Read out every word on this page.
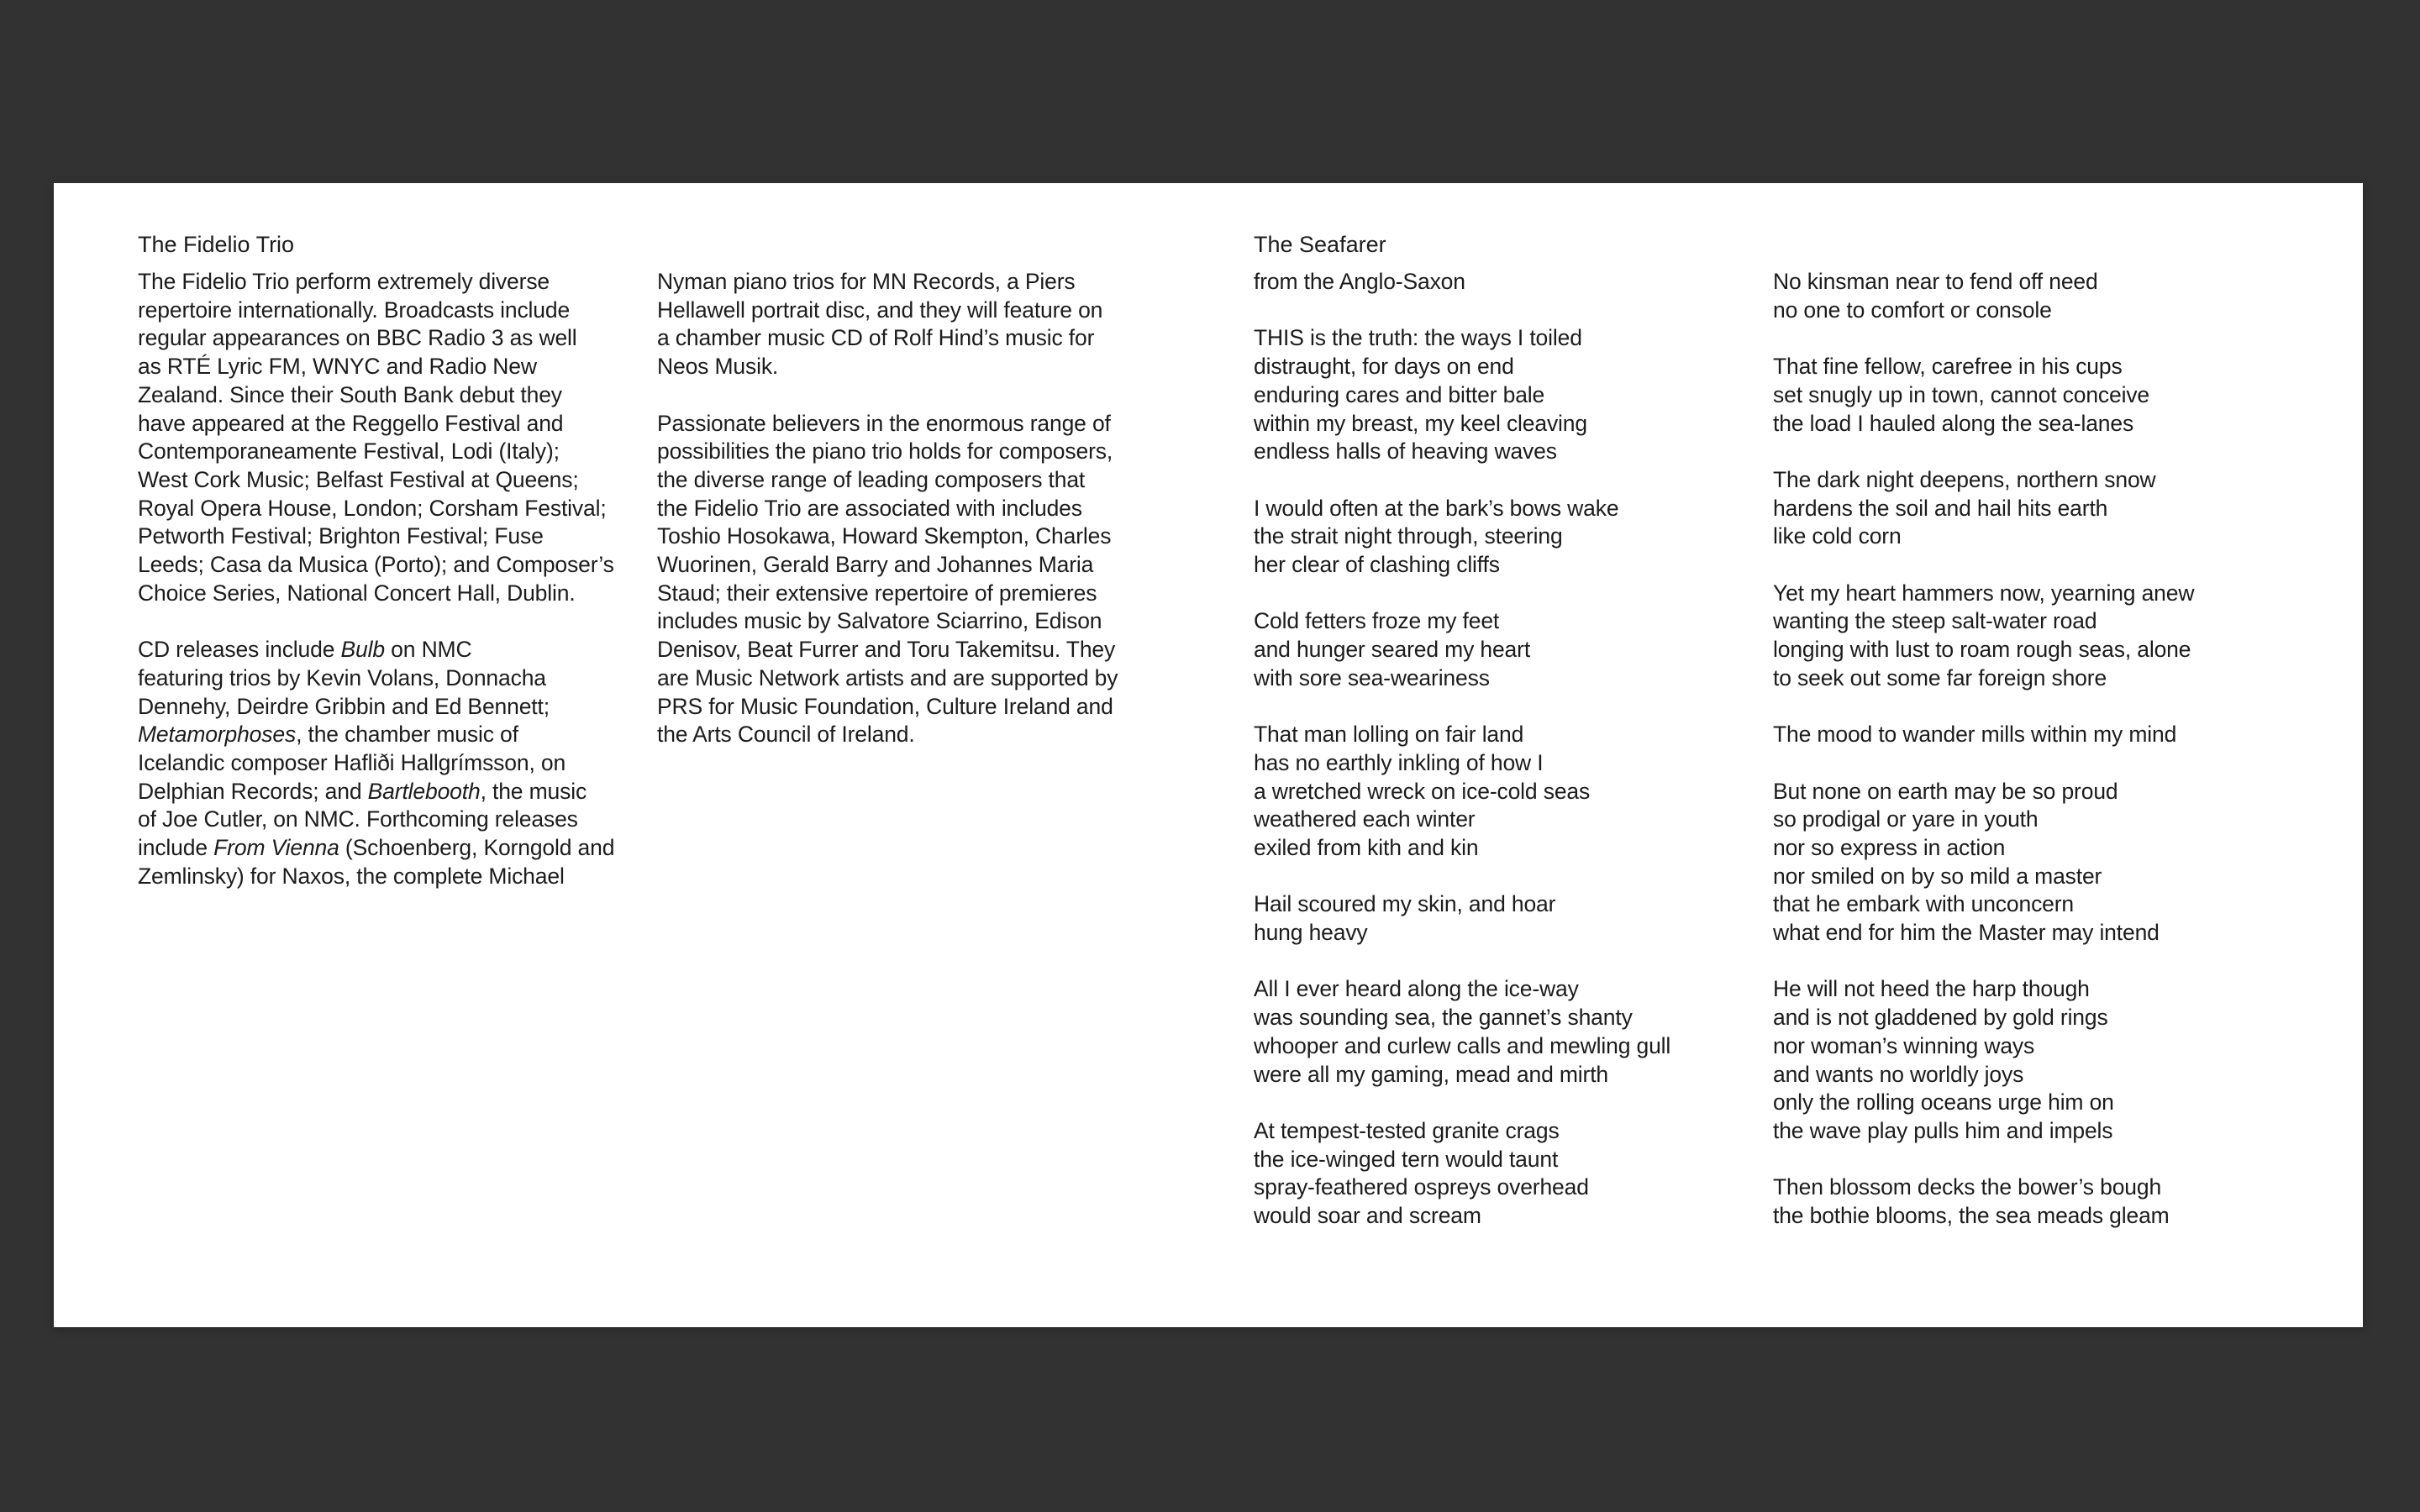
The Fidelio Trio

The Fidelio Trio perform extremely diverse
repertoire internationally. Broadcasts include
regular appearances on BBC Radio 3 as well
as RTÉ Lyric FM, WNYC and Radio New
Zealand. Since their South Bank debut they
have appeared at the Reggello Festival and
Contemporaneamente Festival, Lodi (Italy);
West Cork Music; Belfast Festival at Queens;
Royal Opera House, London; Corsham Festival;
Petworth Festival; Brighton Festival; Fuse
Leeds; Casa da Musica (Porto); and Composer’s
Choice Series, National Concert Hall, Dublin.

CD releases include Bulb on NMC
featuring trios by Kevin Volans, Donnacha
Dennehy, Deirdre Gribbin and Ed Bennett;
Metamorphoses, the chamber music of
Icelandic composer Hafliði Hallgrímsson, on
Delphian Records; and Bartlebooth, the music
of Joe Cutler, on NMC. Forthcoming releases
include From Vienna (Schoenberg, Korngold and
Zemlinsky) for Naxos, the complete Michael

Nyman piano trios for MN Records, a Piers
Hellawell portrait disc, and they will feature on
a chamber music CD of Rolf Hind’s music for
Neos Musik.

Passionate believers in the enormous range of
possibilities the piano trio holds for composers,
the diverse range of leading composers that
the Fidelio Trio are associated with includes
Toshio Hosokawa, Howard Skempton, Charles
Wuorinen, Gerald Barry and Johannes Maria
Staud; their extensive repertoire of premieres
includes music by Salvatore Sciarrino, Edison
Denisov, Beat Furrer and Toru Takemitsu. They
are Music Network artists and are supported by
PRS for Music Foundation, Culture Ireland and
the Arts Council of Ireland.

The Seafarer

from the Anglo-Saxon

THIS is the truth: the ways I toiled
distraught, for days on end
enduring cares and bitter bale
within my breast, my keel cleaving
endless halls of heaving waves

I would often at the bark’s bows wake
the strait night through, steering
her clear of clashing cliffs

Cold fetters froze my feet
and hunger seared my heart
with sore sea-weariness

That man lolling on fair land
has no earthly inkling of how I
a wretched wreck on ice-cold seas
weathered each winter
exiled from kith and kin

Hail scoured my skin, and hoar
hung heavy

All I ever heard along the ice-way
was sounding sea, the gannet’s shanty
whooper and curlew calls and mewling gull
were all my gaming, mead and mirth

At tempest-tested granite crags
the ice-winged tern would taunt
spray-feathered ospreys overhead
would soar and scream

No kinsman near to fend off need
no one to comfort or console

That fine fellow, carefree in his cups
set snugly up in town, cannot conceive
the load I hauled along the sea-lanes

The dark night deepens, northern snow
hardens the soil and hail hits earth
like cold corn

Yet my heart hammers now, yearning anew
wanting the steep salt-water road
longing with lust to roam rough seas, alone
to seek out some far foreign shore

The mood to wander mills within my mind

But none on earth may be so proud
so prodigal or yare in youth
nor so express in action
nor smiled on by so mild a master
that he embark with unconcern
what end for him the Master may intend

He will not heed the harp though
and is not gladdened by gold rings
nor woman’s winning ways
and wants no worldly joys
only the rolling oceans urge him on
the wave play pulls him and impels

Then blossom decks the bower’s bough
the bothie blooms, the sea meads gleam
